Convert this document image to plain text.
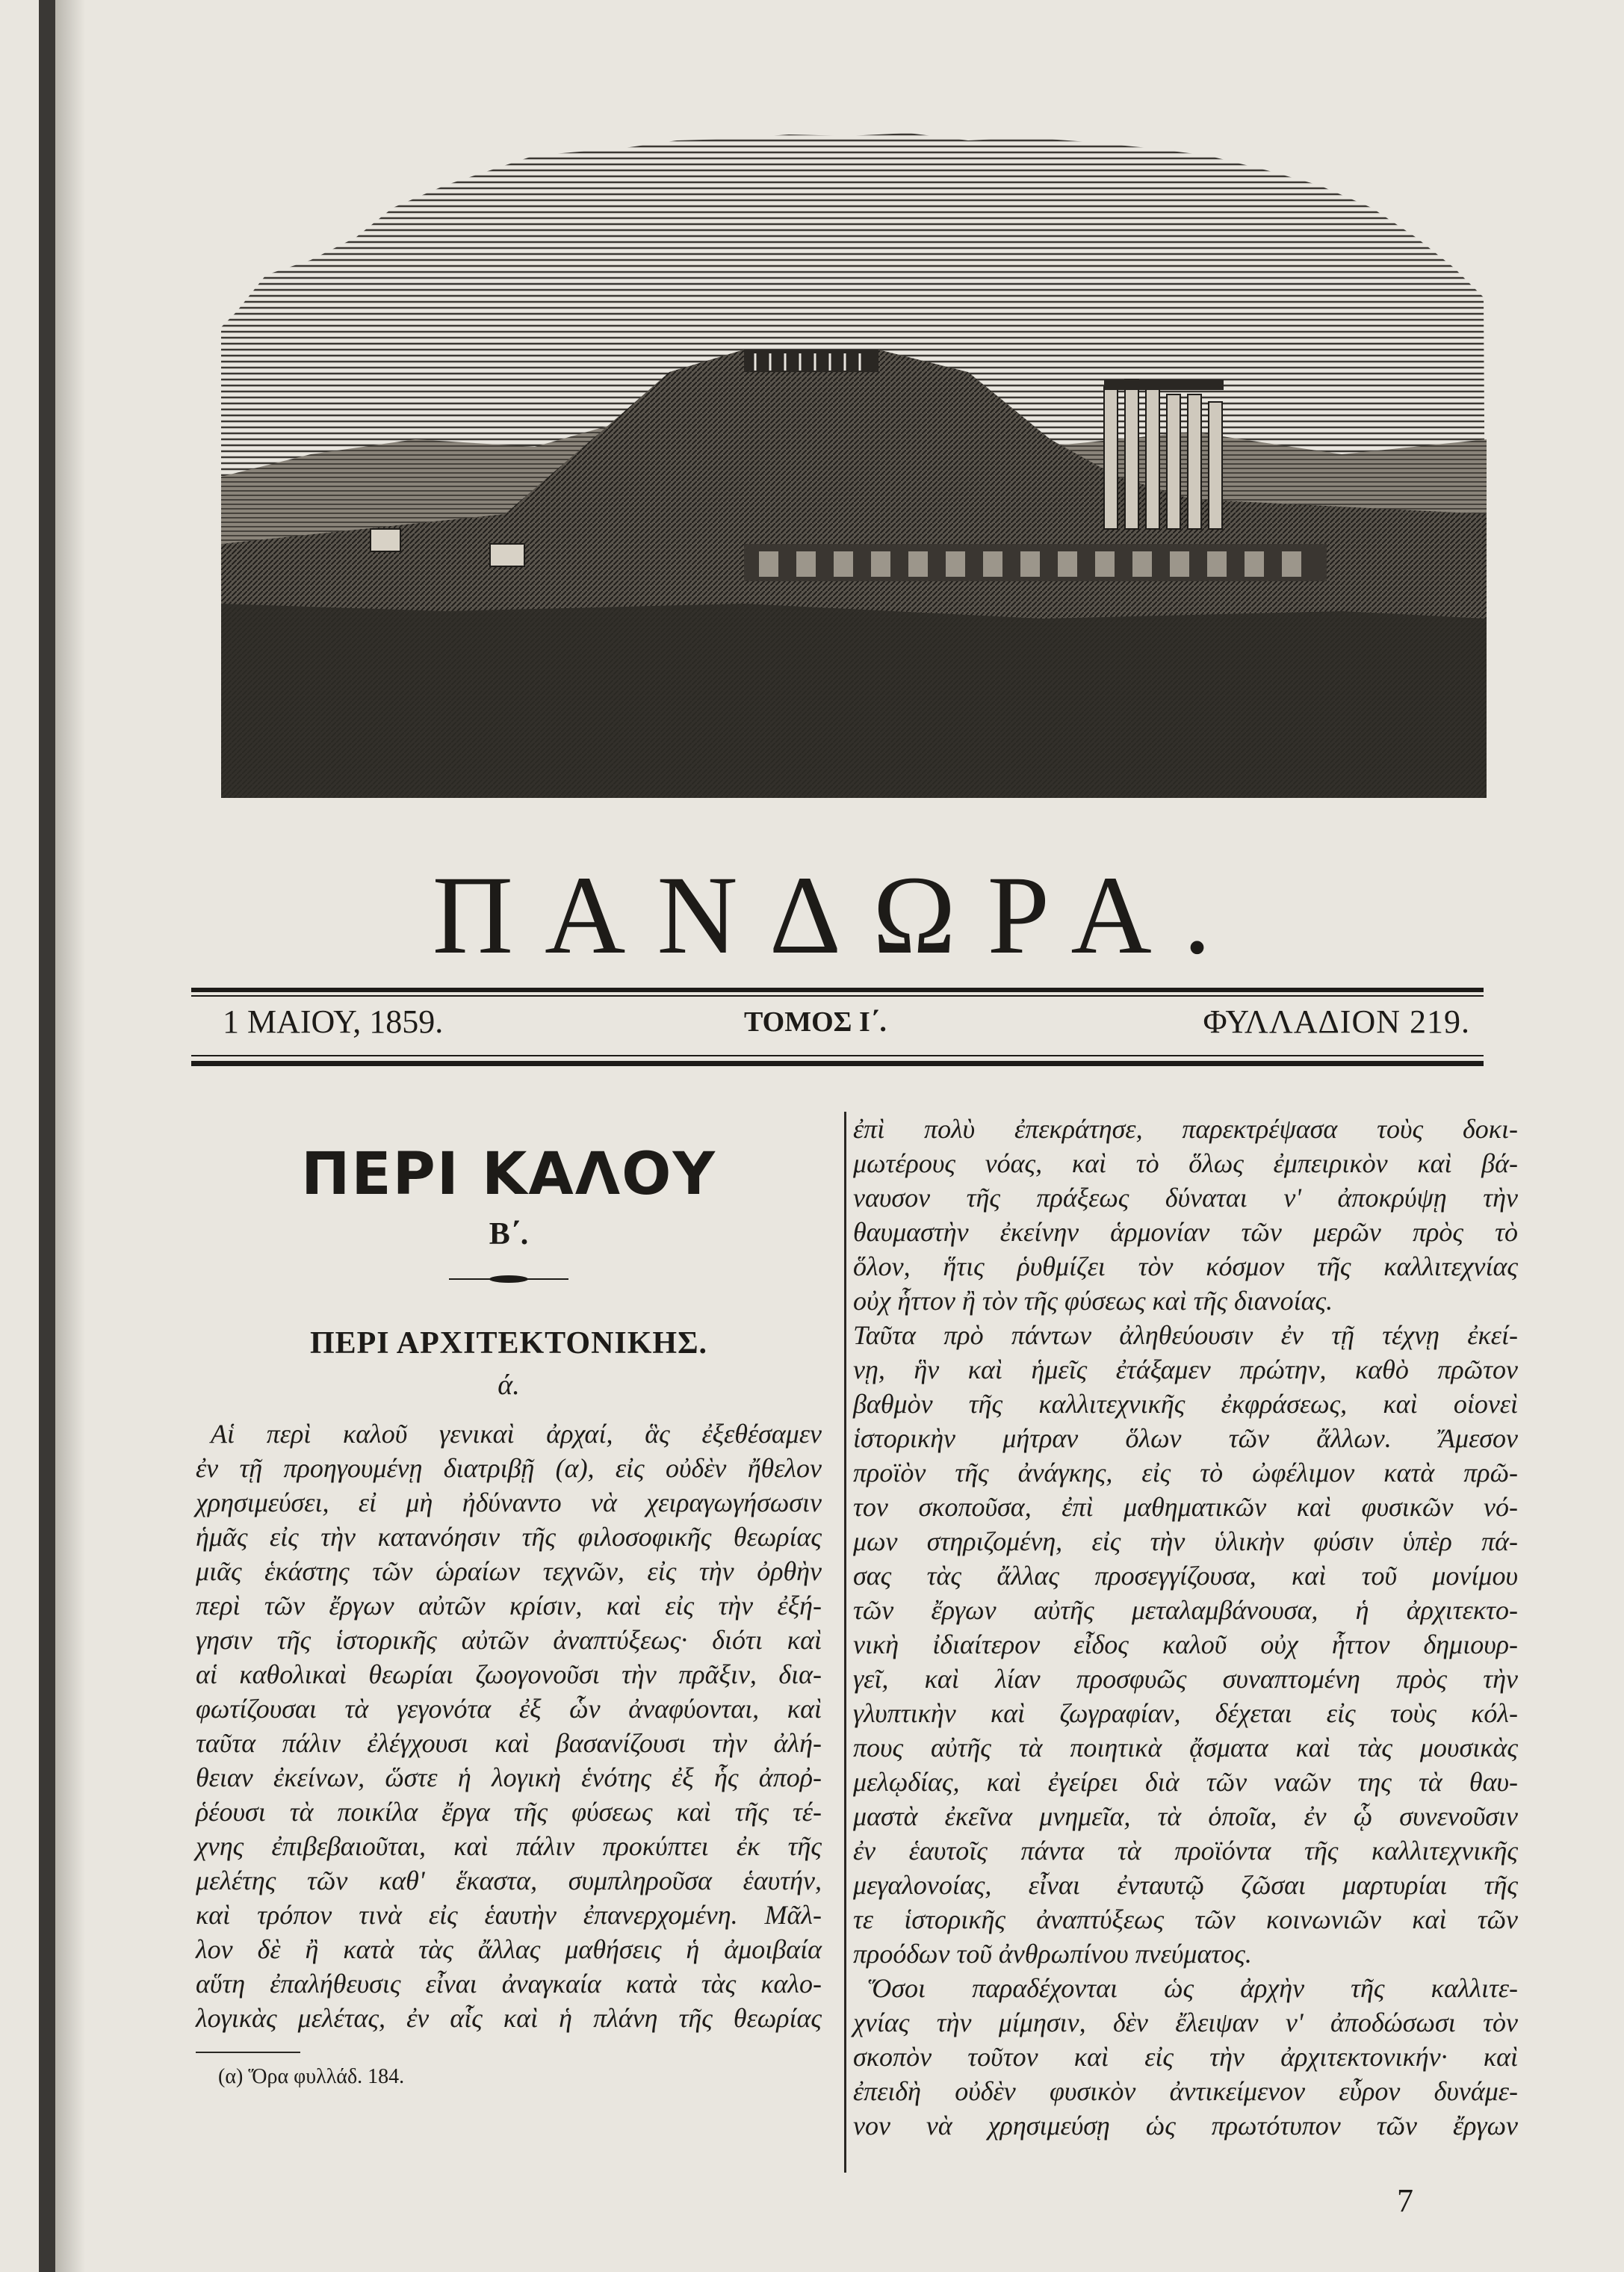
ΠΑΝΔΩΡΑ.
1 ΜΑΙΟΥ, 1859.	ΤΟΜΟΣ Ι΄.	ΦΥΛΛΑΔΙΟΝ 219.
ΠΕΡΙ ΚΑΛΟΥ
Β΄.
ΠΕΡΙ ΑΡΧΙΤΕΚΤΟΝΙΚΗΣ.
ά.
Αἱ περὶ καλοῦ γενικαὶ ἀρχαί, ἃς ἐξεθέσαμεν
ἐν τῇ προηγουμένῃ διατριβῇ (α), εἰς οὐδὲν ἤθελον
χρησιμεύσει, εἰ μὴ ἠδύναντο νὰ χειραγωγήσωσιν
ἡμᾶς εἰς τὴν κατανόησιν τῆς φιλοσοφικῆς θεωρίας
μιᾶς ἑκάστης τῶν ὡραίων τεχνῶν, εἰς τὴν ὀρθὴν
περὶ τῶν ἔργων αὐτῶν κρίσιν, καὶ εἰς τὴν ἐξή-
γησιν τῆς ἱστορικῆς αὐτῶν ἀναπτύξεως· διότι καὶ
αἱ καθολικαὶ θεωρίαι ζωογονοῦσι τὴν πρᾶξιν, δια-
φωτίζουσαι τὰ γεγονότα ἐξ ὧν ἀναφύονται, καὶ
ταῦτα πάλιν ἐλέγχουσι καὶ βασανίζουσι τὴν ἀλή-
θειαν ἐκείνων, ὥστε ἡ λογικὴ ἑνότης ἐξ ἧς ἀποῤ-
ῥέουσι τὰ ποικίλα ἔργα τῆς φύσεως καὶ τῆς τέ-
χνης ἐπιβεβαιοῦται, καὶ πάλιν προκύπτει ἐκ τῆς
μελέτης τῶν καθ' ἕκαστα, συμπληροῦσα ἑαυτήν,
καὶ τρόπον τινὰ εἰς ἑαυτὴν ἐπανερχομένη. Μᾶλ-
λον δὲ ἢ κατὰ τὰς ἄλλας μαθήσεις ἡ ἀμοιβαία
αὕτη ἐπαλήθευσις εἶναι ἀναγκαία κατὰ τὰς καλο-
λογικὰς μελέτας, ἐν αἷς καὶ ἡ πλάνη τῆς θεωρίας
(α) Ὅρα φυλλάδ. 184.
ἐπὶ πολὺ ἐπεκράτησε, παρεκτρέψασα τοὺς δοκι-
μωτέρους νόας, καὶ τὸ ὅλως ἐμπειρικὸν καὶ βά-
ναυσον τῆς πράξεως δύναται ν' ἀποκρύψῃ τὴν
θαυμαστὴν ἐκείνην ἁρμονίαν τῶν μερῶν πρὸς τὸ
ὅλον, ἥτις ῥυθμίζει τὸν κόσμον τῆς καλλιτεχνίας
οὐχ ἧττον ἢ τὸν τῆς φύσεως καὶ τῆς διανοίας.
Ταῦτα πρὸ πάντων ἀληθεύουσιν ἐν τῇ τέχνῃ ἐκεί-
νῃ, ἣν καὶ ἡμεῖς ἐτάξαμεν πρώτην, καθὸ πρῶτον
βαθμὸν τῆς καλλιτεχνικῆς ἐκφράσεως, καὶ οἱονεὶ
ἱστορικὴν μήτραν ὅλων τῶν ἄλλων. Ἄμεσον
προϊὸν τῆς ἀνάγκης, εἰς τὸ ὠφέλιμον κατὰ πρῶ-
τον σκοποῦσα, ἐπὶ μαθηματικῶν καὶ φυσικῶν νό-
μων στηριζομένη, εἰς τὴν ὑλικὴν φύσιν ὑπὲρ πά-
σας τὰς ἄλλας προσεγγίζουσα, καὶ τοῦ μονίμου
τῶν ἔργων αὐτῆς μεταλαμβάνουσα, ἡ ἀρχιτεκτο-
νικὴ ἰδιαίτερον εἶδος καλοῦ οὐχ ἧττον δημιουρ-
γεῖ, καὶ λίαν προσφυῶς συναπτομένη πρὸς τὴν
γλυπτικὴν καὶ ζωγραφίαν, δέχεται εἰς τοὺς κόλ-
πους αὐτῆς τὰ ποιητικὰ ᾄσματα καὶ τὰς μουσικὰς
μελῳδίας, καὶ ἐγείρει διὰ τῶν ναῶν της τὰ θαυ-
μαστὰ ἐκεῖνα μνημεῖα, τὰ ὁποῖα, ἐν ᾧ συνενοῦσιν
ἐν ἑαυτοῖς πάντα τὰ προϊόντα τῆς καλλιτεχνικῆς
μεγαλονοίας, εἶναι ἐνταυτῷ ζῶσαι μαρτυρίαι τῆς
τε ἱστορικῆς ἀναπτύξεως τῶν κοινωνιῶν καὶ τῶν
προόδων τοῦ ἀνθρωπίνου πνεύματος.
Ὅσοι παραδέχονται ὡς ἀρχὴν τῆς καλλιτε-
χνίας τὴν μίμησιν, δὲν ἔλειψαν ν' ἀποδώσωσι τὸν
σκοπὸν τοῦτον καὶ εἰς τὴν ἀρχιτεκτονικήν· καὶ
ἐπειδὴ οὐδὲν φυσικὸν ἀντικείμενον εὗρον δυνάμε-
νον νὰ χρησιμεύσῃ ὡς πρωτότυπον τῶν ἔργων
7
